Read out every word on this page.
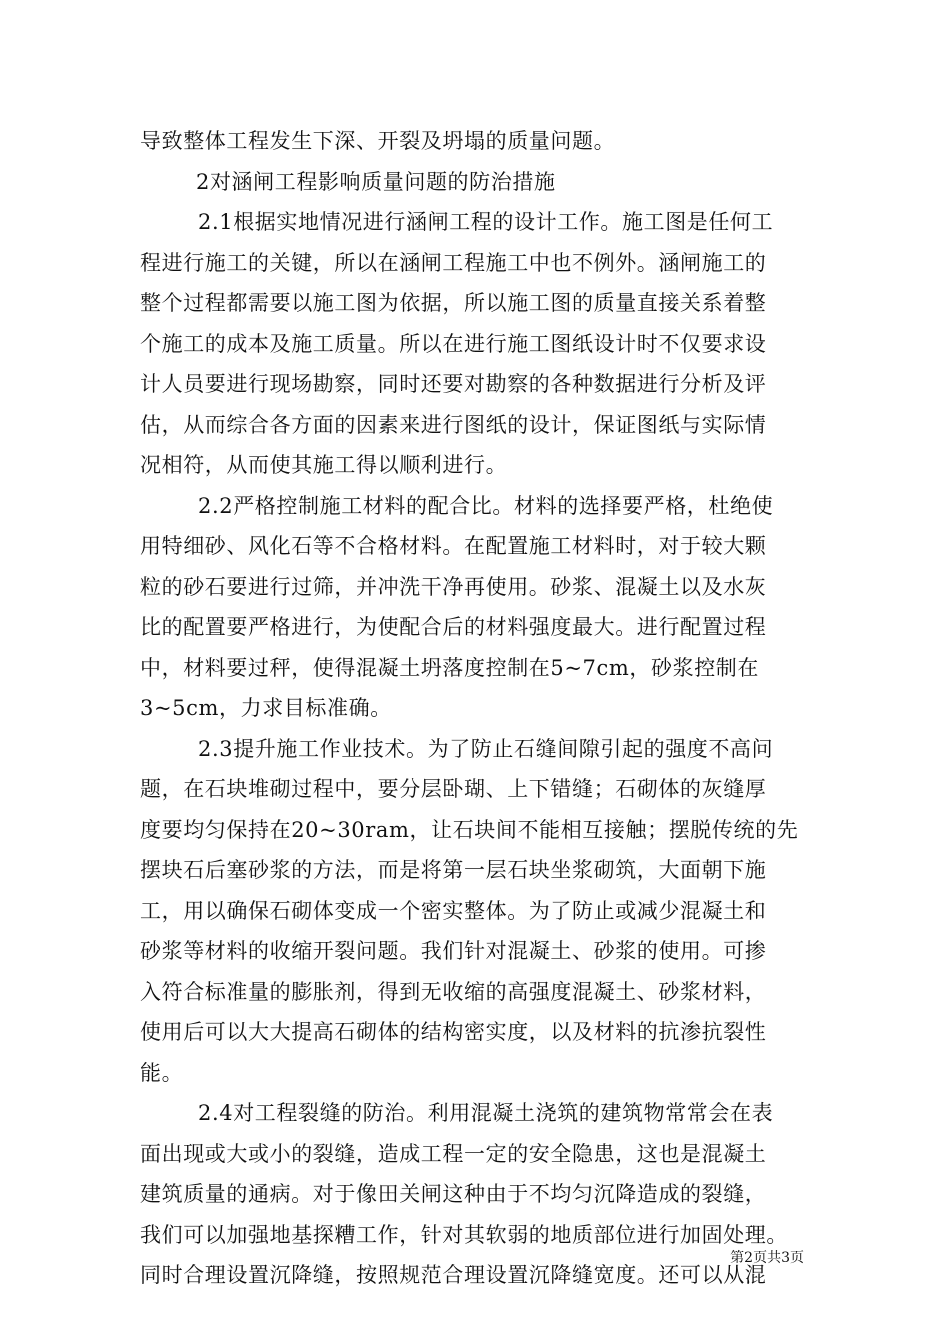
导致整体工程发生下深、开裂及坍塌的质量问题。
2对涵闸工程影响质量问题的防治措施
2.1根据实地情况进行涵闸工程的设计工作。施工图是任何工
程进行施工的关键，所以在涵闸工程施工中也不例外。涵闸施工的
整个过程都需要以施工图为依据，所以施工图的质量直接关系着整
个施工的成本及施工质量。所以在进行施工图纸设计时不仅要求设
计人员要进行现场勘察，同时还要对勘察的各种数据进行分析及评
估，从而综合各方面的因素来进行图纸的设计，保证图纸与实际情
况相符，从而使其施工得以顺利进行。
2.2严格控制施工材料的配合比。材料的选择要严格，杜绝使
用特细砂、风化石等不合格材料。在配置施工材料时，对于较大颗
粒的砂石要进行过筛，并冲洗干净再使用。砂浆、混凝土以及水灰
比的配置要严格进行，为使配合后的材料强度最大。进行配置过程
中，材料要过秤，使得混凝土坍落度控制在5~7cm，砂浆控制在
3~5cm，力求目标准确。
2.3提升施工作业技术。为了防止石缝间隙引起的强度不高问
题，在石块堆砌过程中，要分层卧瑚、上下错缝；石砌体的灰缝厚
度要均匀保持在20~30ram，让石块间不能相互接触；摆脱传统的先
摆块石后塞砂浆的方法，而是将第一层石块坐浆砌筑，大面朝下施
工，用以确保石砌体变成一个密实整体。为了防止或减少混凝土和
砂浆等材料的收缩开裂问题。我们针对混凝土、砂浆的使用。可掺
入符合标准量的膨胀剂，得到无收缩的高强度混凝土、砂浆材料，
使用后可以大大提高石砌体的结构密实度，以及材料的抗渗抗裂性
能。
2.4对工程裂缝的防治。利用混凝土浇筑的建筑物常常会在表
面出现或大或小的裂缝，造成工程一定的安全隐患，这也是混凝土
建筑质量的通病。对于像田关闸这种由于不均匀沉降造成的裂缝，
我们可以加强地基探糟工作，针对其软弱的地质部位进行加固处理。
同时合理设置沉降缝，按照规范合理设置沉降缝宽度。还可以从混
第2页共3页
